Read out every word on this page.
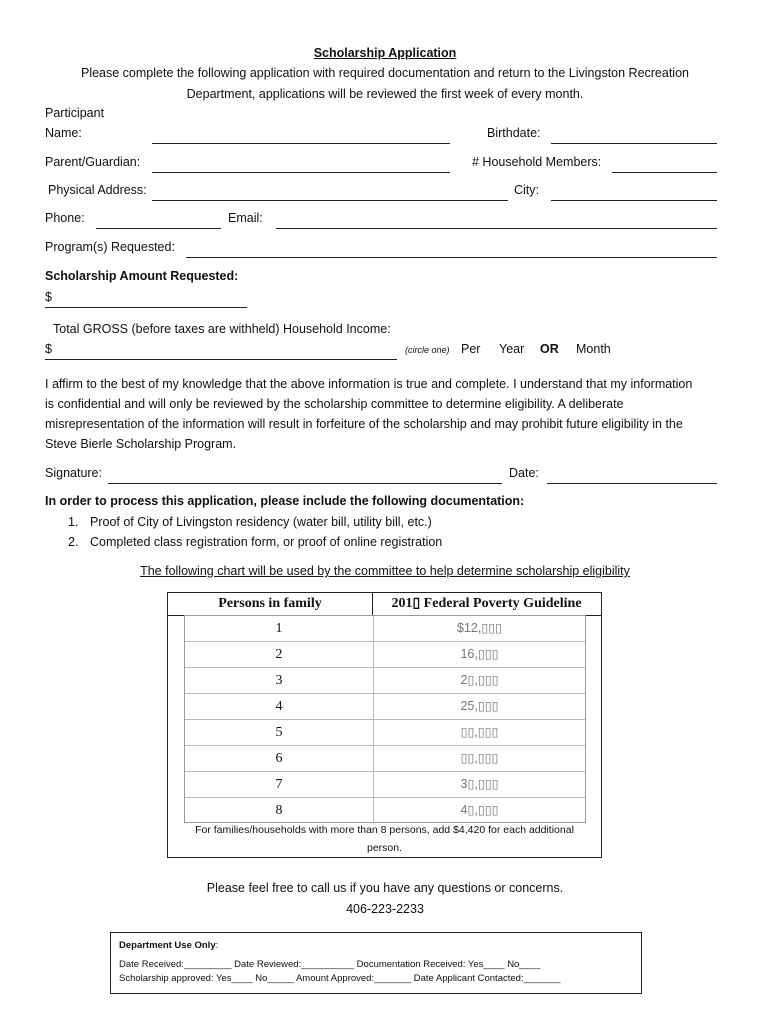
Scholarship Application
Please complete the following application with required documentation and return to the Livingston Recreation
Department, applications will be reviewed the first week of every month.
Participant
Name:	Birthdate:
Parent/Guardian:	# Household Members:
Physical Address:	City:
Phone:	Email:
Program(s) Requested:
Scholarship Amount Requested:
$
Total GROSS (before taxes are withheld) Household Income:
$	(circle one) Per Year OR Month
I affirm to the best of my knowledge that the above information is true and complete. I understand that my information
is confidential and will only be reviewed by the scholarship committee to determine eligibility. A deliberate
misrepresentation of the information will result in forfeiture of the scholarship and may prohibit future eligibility in the
Steve Bierle Scholarship Program.
Signature:	Date:
In order to process this application, please include the following documentation:
1. Proof of City of Livingston residency (water bill, utility bill, etc.)
2. Completed class registration form, or proof of online registration
The following chart will be used by the committee to help determine scholarship eligibility
Persons in family	201▯ Federal Poverty Guideline
1	$12,▯▯▯
2	16,▯▯▯
3	2▯,▯▯▯
4	25,▯▯▯
5	▯▯,▯▯▯
6	▯▯,▯▯▯
7	3▯,▯▯▯
8	4▯,▯▯▯
For families/households with more than 8 persons, add $4,420 for each additional
person.
Please feel free to call us if you have any questions or concerns.
406-223-2233
Department Use Only:
Date Received:_________ Date Reviewed:__________ Documentation Received: Yes____ No____
Scholarship approved: Yes____ No_____ Amount Approved:_______ Date Applicant Contacted:_______
